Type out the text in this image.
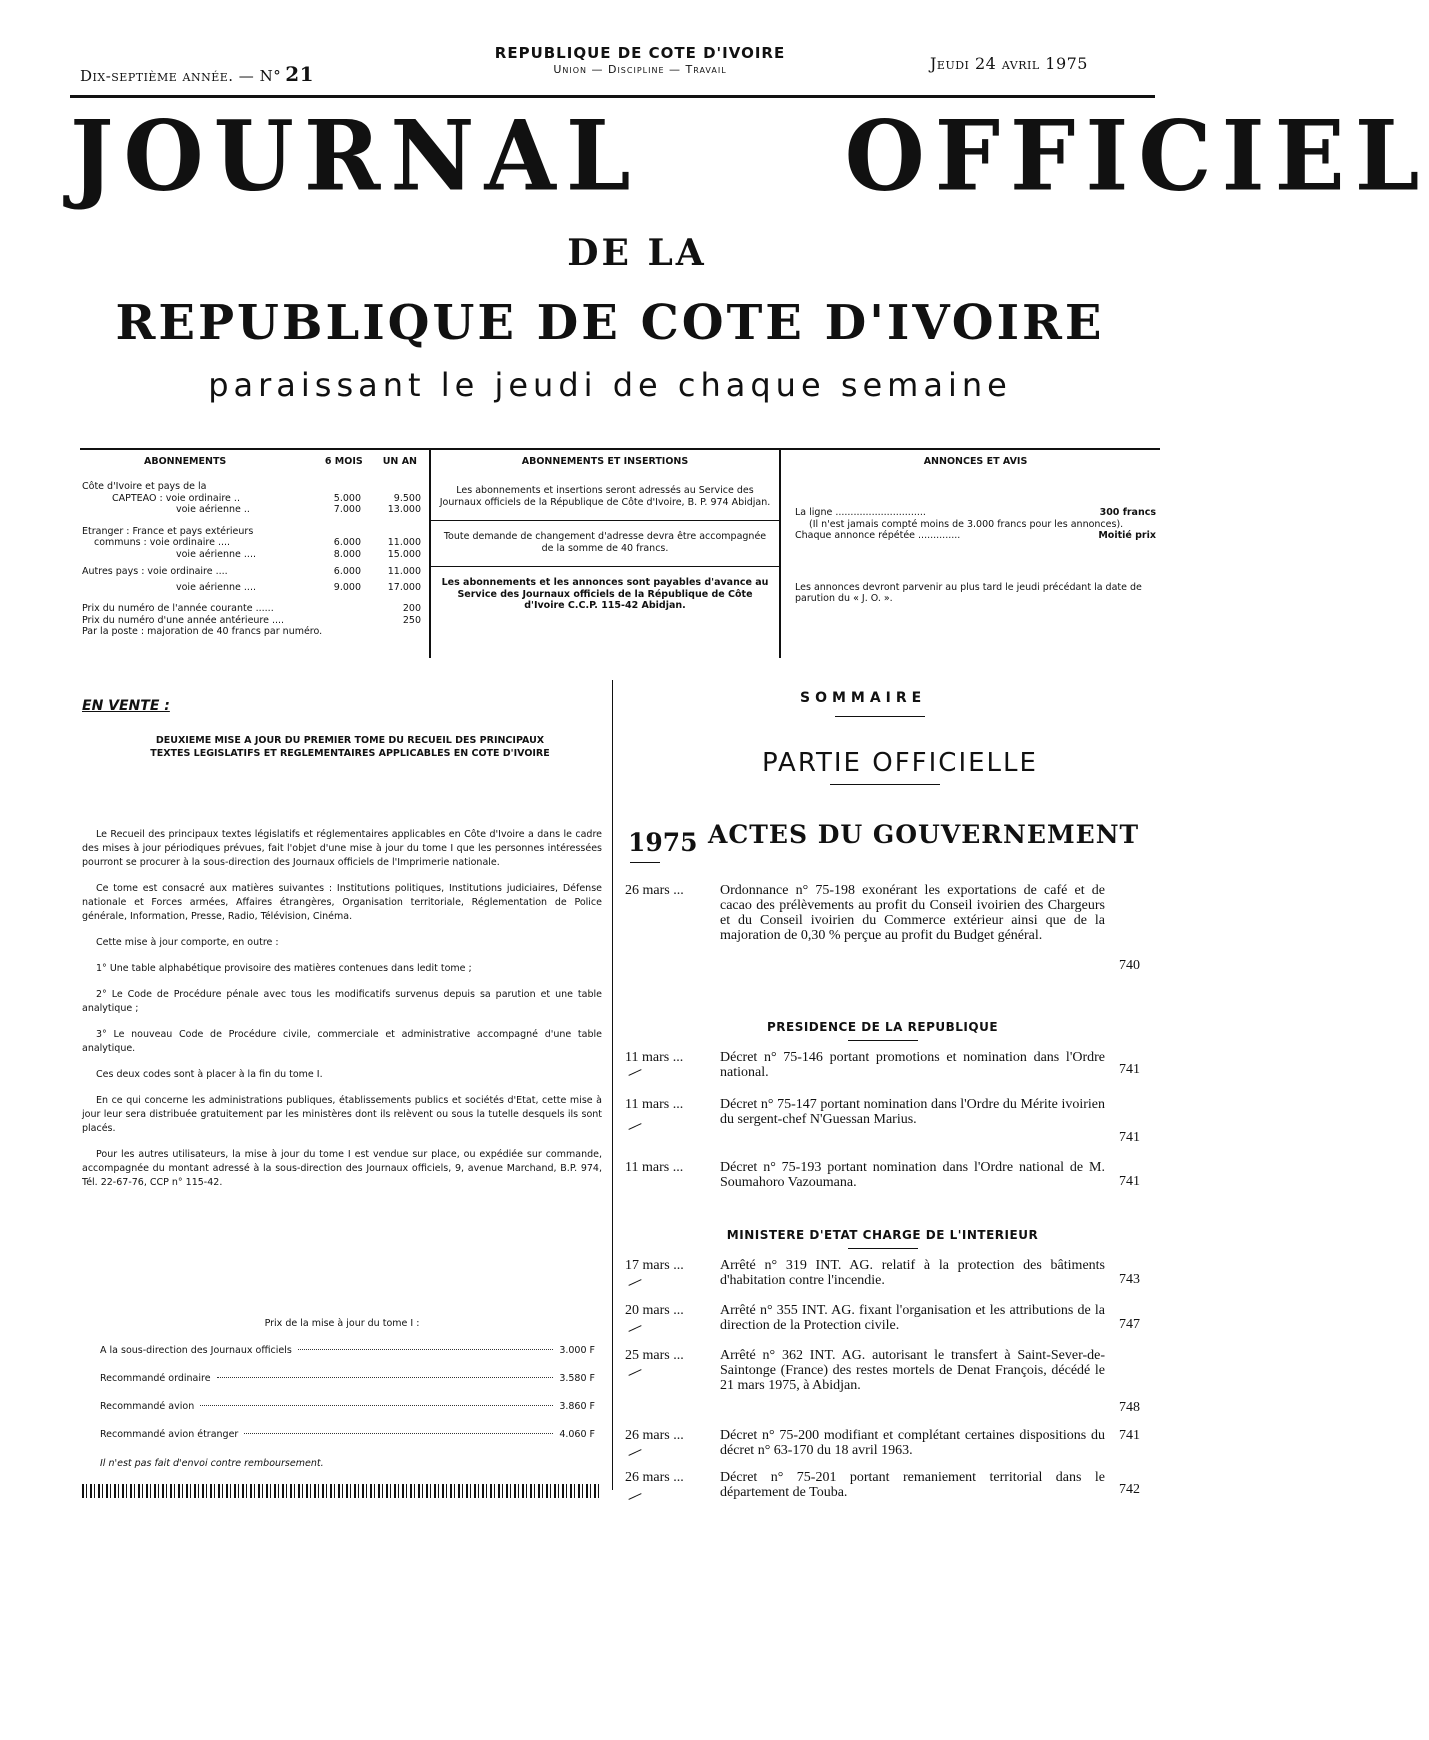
Dix-septième année. — N° 21
REPUBLIQUE DE COTE D'IVOIRE
Union — Discipline — Travail	Jeudi 24 avril 1975
JOURNAL OFFICIEL
DE LA
REPUBLIQUE DE COTE D'IVOIRE
paraissant le jeudi de chaque semaine
ABONNEMENTS	6 MOIS UN AN
Côte d'Ivoire et pays de la
CAPTEAO : voie ordinaire ..	5.000	9.500
voie aérienne ..	7.000	13.000
Etranger : France et pays extérieurs
communs : voie ordinaire ....	6.000	11.000
voie aérienne ....	8.000	15.000
Autres pays : voie ordinaire ....	6.000	11.000
voie aérienne ....	9.000	17.000
Prix du numéro de l'année courante ......	200
Prix du numéro d'une année antérieure ....	250
Par la poste : majoration de 40 francs par numéro.
ABONNEMENTS ET INSERTIONS

Les abonnements et insertions seront adressés au Service des Journaux officiels de la République de Côte d'Ivoire, B. P. 974 Abidjan.

Toute demande de changement d'adresse devra être accompagnée de la somme de 40 francs.

Les abonnements et les annonces sont payables d'avance au Service des Journaux officiels de la République de Côte d'Ivoire C.C.P. 115-42 Abidjan.

ANNONCES ET AVIS
La ligne ..............................	300 francs
(Il n'est jamais compté moins de 3.000 francs pour les annonces).
Chaque annonce répétée ..............	Moitié prix
Les annonces devront parvenir au plus tard le jeudi précédant la date de parution du « J. O. ».
EN VENTE :
DEUXIEME MISE A JOUR DU PREMIER TOME DU RECUEIL DES PRINCIPAUX TEXTES LEGISLATIFS ET REGLEMENTAIRES APPLICABLES EN COTE D'IVOIRE

Le Recueil des principaux textes législatifs et réglementaires applicables en Côte d'Ivoire a dans le cadre des mises à jour périodiques prévues, fait l'objet d'une mise à jour du tome I que les personnes intéressées pourront se procurer à la sous-direction des Journaux officiels de l'Imprimerie nationale.

Ce tome est consacré aux matières suivantes : Institutions politiques, Institutions judiciaires, Défense nationale et Forces armées, Affaires étrangères, Organisation territoriale, Réglementation de Police générale, Information, Presse, Radio, Télévision, Cinéma.

Cette mise à jour comporte, en outre :

1° Une table alphabétique provisoire des matières contenues dans ledit tome ;

2° Le Code de Procédure pénale avec tous les modificatifs survenus depuis sa parution et une table analytique ;

3° Le nouveau Code de Procédure civile, commerciale et administrative accompagné d'une table analytique.

Ces deux codes sont à placer à la fin du tome I.

En ce qui concerne les administrations publiques, établissements publics et sociétés d'Etat, cette mise à jour leur sera distribuée gratuitement par les ministères dont ils relèvent ou sous la tutelle desquels ils sont placés.

Pour les autres utilisateurs, la mise à jour du tome I est vendue sur place, ou expédiée sur commande, accompagnée du montant adressé à la sous-direction des Journaux officiels, 9, avenue Marchand, B.P. 974, Tél. 22-67-76, CCP n° 115-42.

Prix de la mise à jour du tome I :
A la sous-direction des Journaux officiels	3.000 F
Recommandé ordinaire	3.580 F
Recommandé avion	3.860 F
Recommandé avion étranger	4.060 F
Il n'est pas fait d'envoi contre remboursement.
SOMMAIRE
PARTIE OFFICIELLE
1975 ACTES DU GOUVERNEMENT
26 mars ...	Ordonnance n° 75-198 exonérant les exportations de café et de cacao des prélèvements au profit du Conseil ivoirien des Chargeurs et du Conseil ivoirien du Commerce extérieur ainsi que de la majoration de 0,30 % perçue au profit du Budget général.
740
PRESIDENCE DE LA REPUBLIQUE
11 mars ...	Décret n° 75-146 portant promotions et nomination dans l'Ordre national.	741
11 mars ...	Décret n° 75-147 portant nomination dans l'Ordre du Mérite ivoirien du sergent-chef N'Guessan Marius.
741
11 mars ...	Décret n° 75-193 portant nomination dans l'Ordre national de M. Soumahoro Vazoumana.	741
MINISTERE D'ETAT CHARGE DE L'INTERIEUR
17 mars ...	Arrêté n° 319 INT. AG. relatif à la protection des bâtiments d'habitation contre l'incendie.	743
20 mars ...	Arrêté n° 355 INT. AG. fixant l'organisation et les attributions de la direction de la Protection civile.	747
25 mars ...	Arrêté n° 362 INT. AG. autorisant le transfert à Saint-Sever-de-Saintonge (France) des restes mortels de Denat François, décédé le 21 mars 1975, à Abidjan.
748
26 mars ...	Décret n° 75-200 modifiant et complétant certaines dispositions du décret n° 63-170 du 18 avril 1963.
741
26 mars ...	Décret n° 75-201 portant remaniement territorial dans le département de Touba.	742
